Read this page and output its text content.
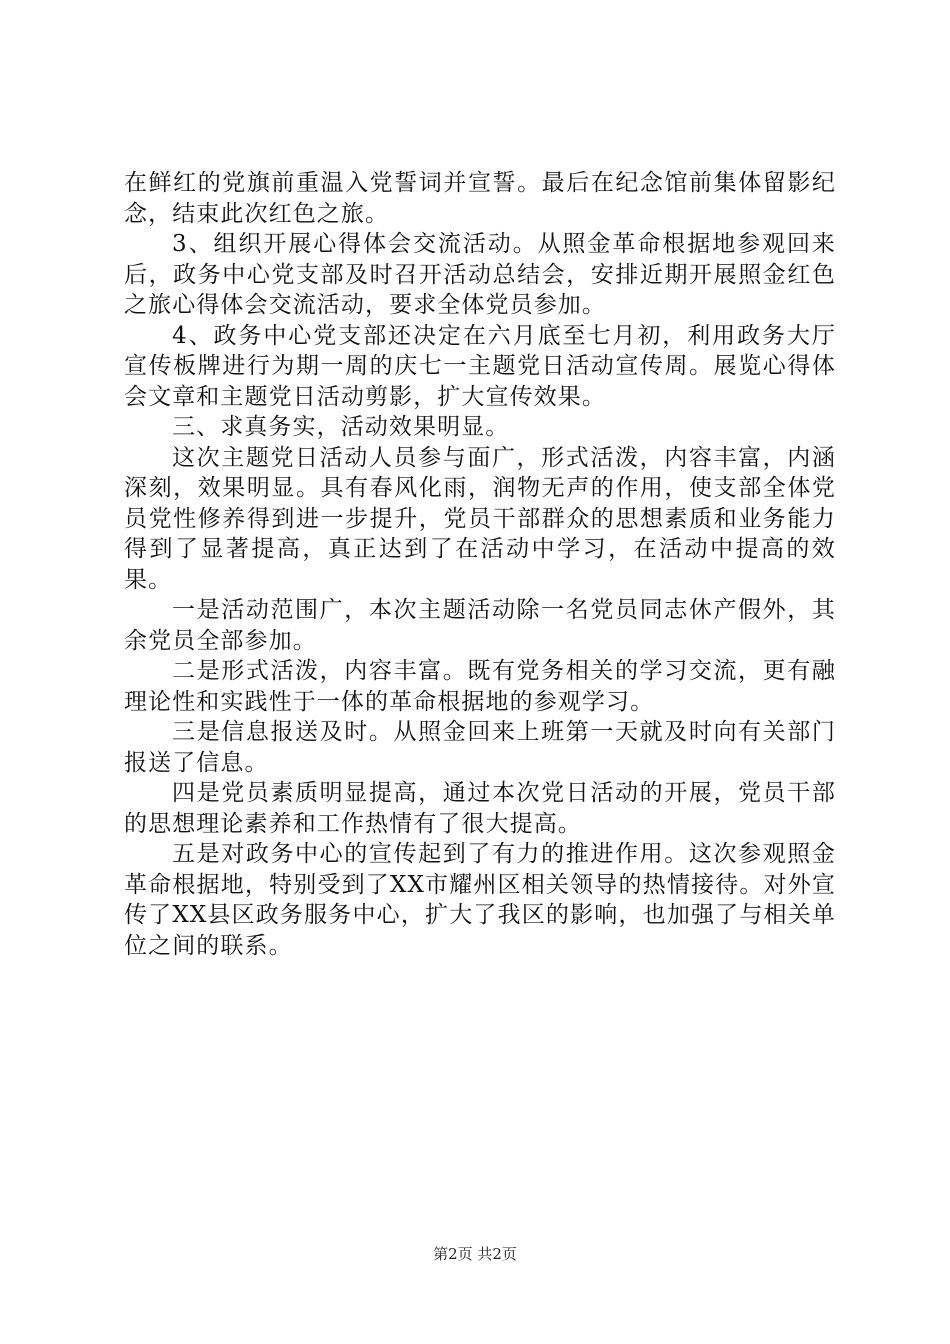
在鲜红的党旗前重温入党誓词并宣誓。最后在纪念馆前集体留影纪念，结束此次红色之旅。

3、组织开展心得体会交流活动。从照金革命根据地参观回来后，政务中心党支部及时召开活动总结会，安排近期开展照金红色之旅心得体会交流活动，要求全体党员参加。

4、政务中心党支部还决定在六月底至七月初，利用政务大厅宣传板牌进行为期一周的庆七一主题党日活动宣传周。展览心得体会文章和主题党日活动剪影，扩大宣传效果。

三、求真务实，活动效果明显。

这次主题党日活动人员参与面广，形式活泼，内容丰富，内涵深刻，效果明显。具有春风化雨，润物无声的作用，使支部全体党员党性修养得到进一步提升，党员干部群众的思想素质和业务能力得到了显著提高，真正达到了在活动中学习，在活动中提高的效果。

一是活动范围广，本次主题活动除一名党员同志休产假外，其余党员全部参加。

二是形式活泼，内容丰富。既有党务相关的学习交流，更有融理论性和实践性于一体的革命根据地的参观学习。

三是信息报送及时。从照金回来上班第一天就及时向有关部门报送了信息。

四是党员素质明显提高，通过本次党日活动的开展，党员干部的思想理论素养和工作热情有了很大提高。

五是对政务中心的宣传起到了有力的推进作用。这次参观照金革命根据地，特别受到了XX市耀州区相关领导的热情接待。对外宣传了XX县区政务服务中心，扩大了我区的影响，也加强了与相关单位之间的联系。

第2页 共2页
